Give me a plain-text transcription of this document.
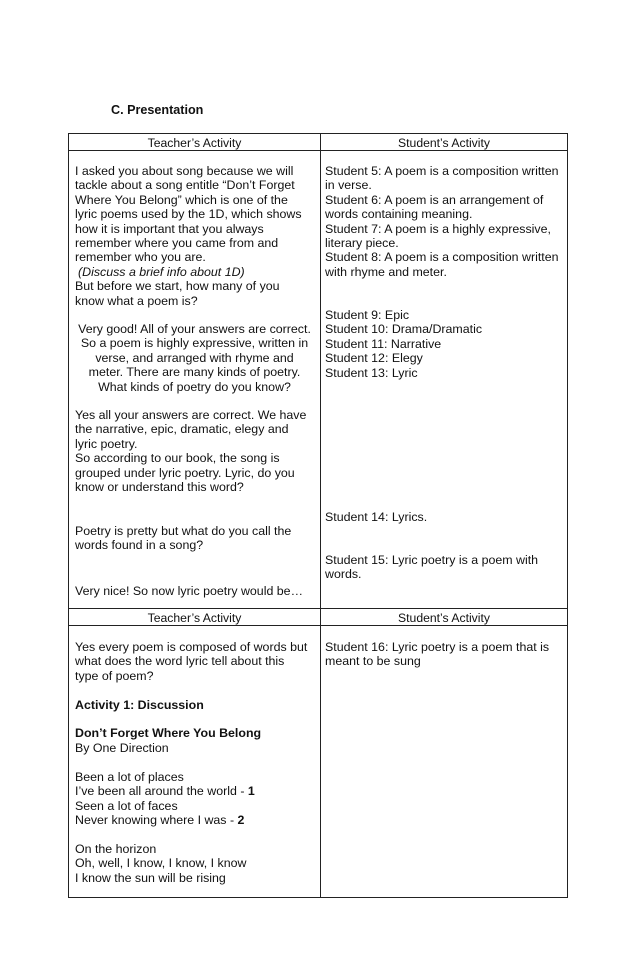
C. Presentation
Teacher’s Activity	Student’s Activity
I asked you about song because we will
tackle about a song entitle “Don’t Forget
Where You Belong” which is one of the
lyric poems used by the 1D, which shows
how it is important that you always
remember where you came from and
remember who you are.
(Discuss a brief info about 1D)
But before we start, how many of you
know what a poem is?
Very good! All of your answers are correct.
So a poem is highly expressive, written in
verse, and arranged with rhyme and
meter. There are many kinds of poetry.
What kinds of poetry do you know?
Yes all your answers are correct. We have
the narrative, epic, dramatic, elegy and
lyric poetry.
So according to our book, the song is
grouped under lyric poetry. Lyric, do you
know or understand this word?
Poetry is pretty but what do you call the
words found in a song?
Very nice! So now lyric poetry would be…
Student 5: A poem is a composition written
in verse.
Student 6: A poem is an arrangement of
words containing meaning.
Student 7: A poem is a highly expressive,
literary piece.
Student 8: A poem is a composition written
with rhyme and meter.
Student 9: Epic
Student 10: Drama/Dramatic
Student 11: Narrative
Student 12: Elegy
Student 13: Lyric
Student 14: Lyrics.
Student 15: Lyric poetry is a poem with
words.
Teacher’s Activity	Student’s Activity
Yes every poem is composed of words but
what does the word lyric tell about this
type of poem?
Activity 1: Discussion
Don’t Forget Where You Belong
By One Direction
Been a lot of places
I’ve been all around the world - 1
Seen a lot of faces
Never knowing where I was - 2
On the horizon
Oh, well, I know, I know, I know
I know the sun will be rising
Student 16: Lyric poetry is a poem that is
meant to be sung
